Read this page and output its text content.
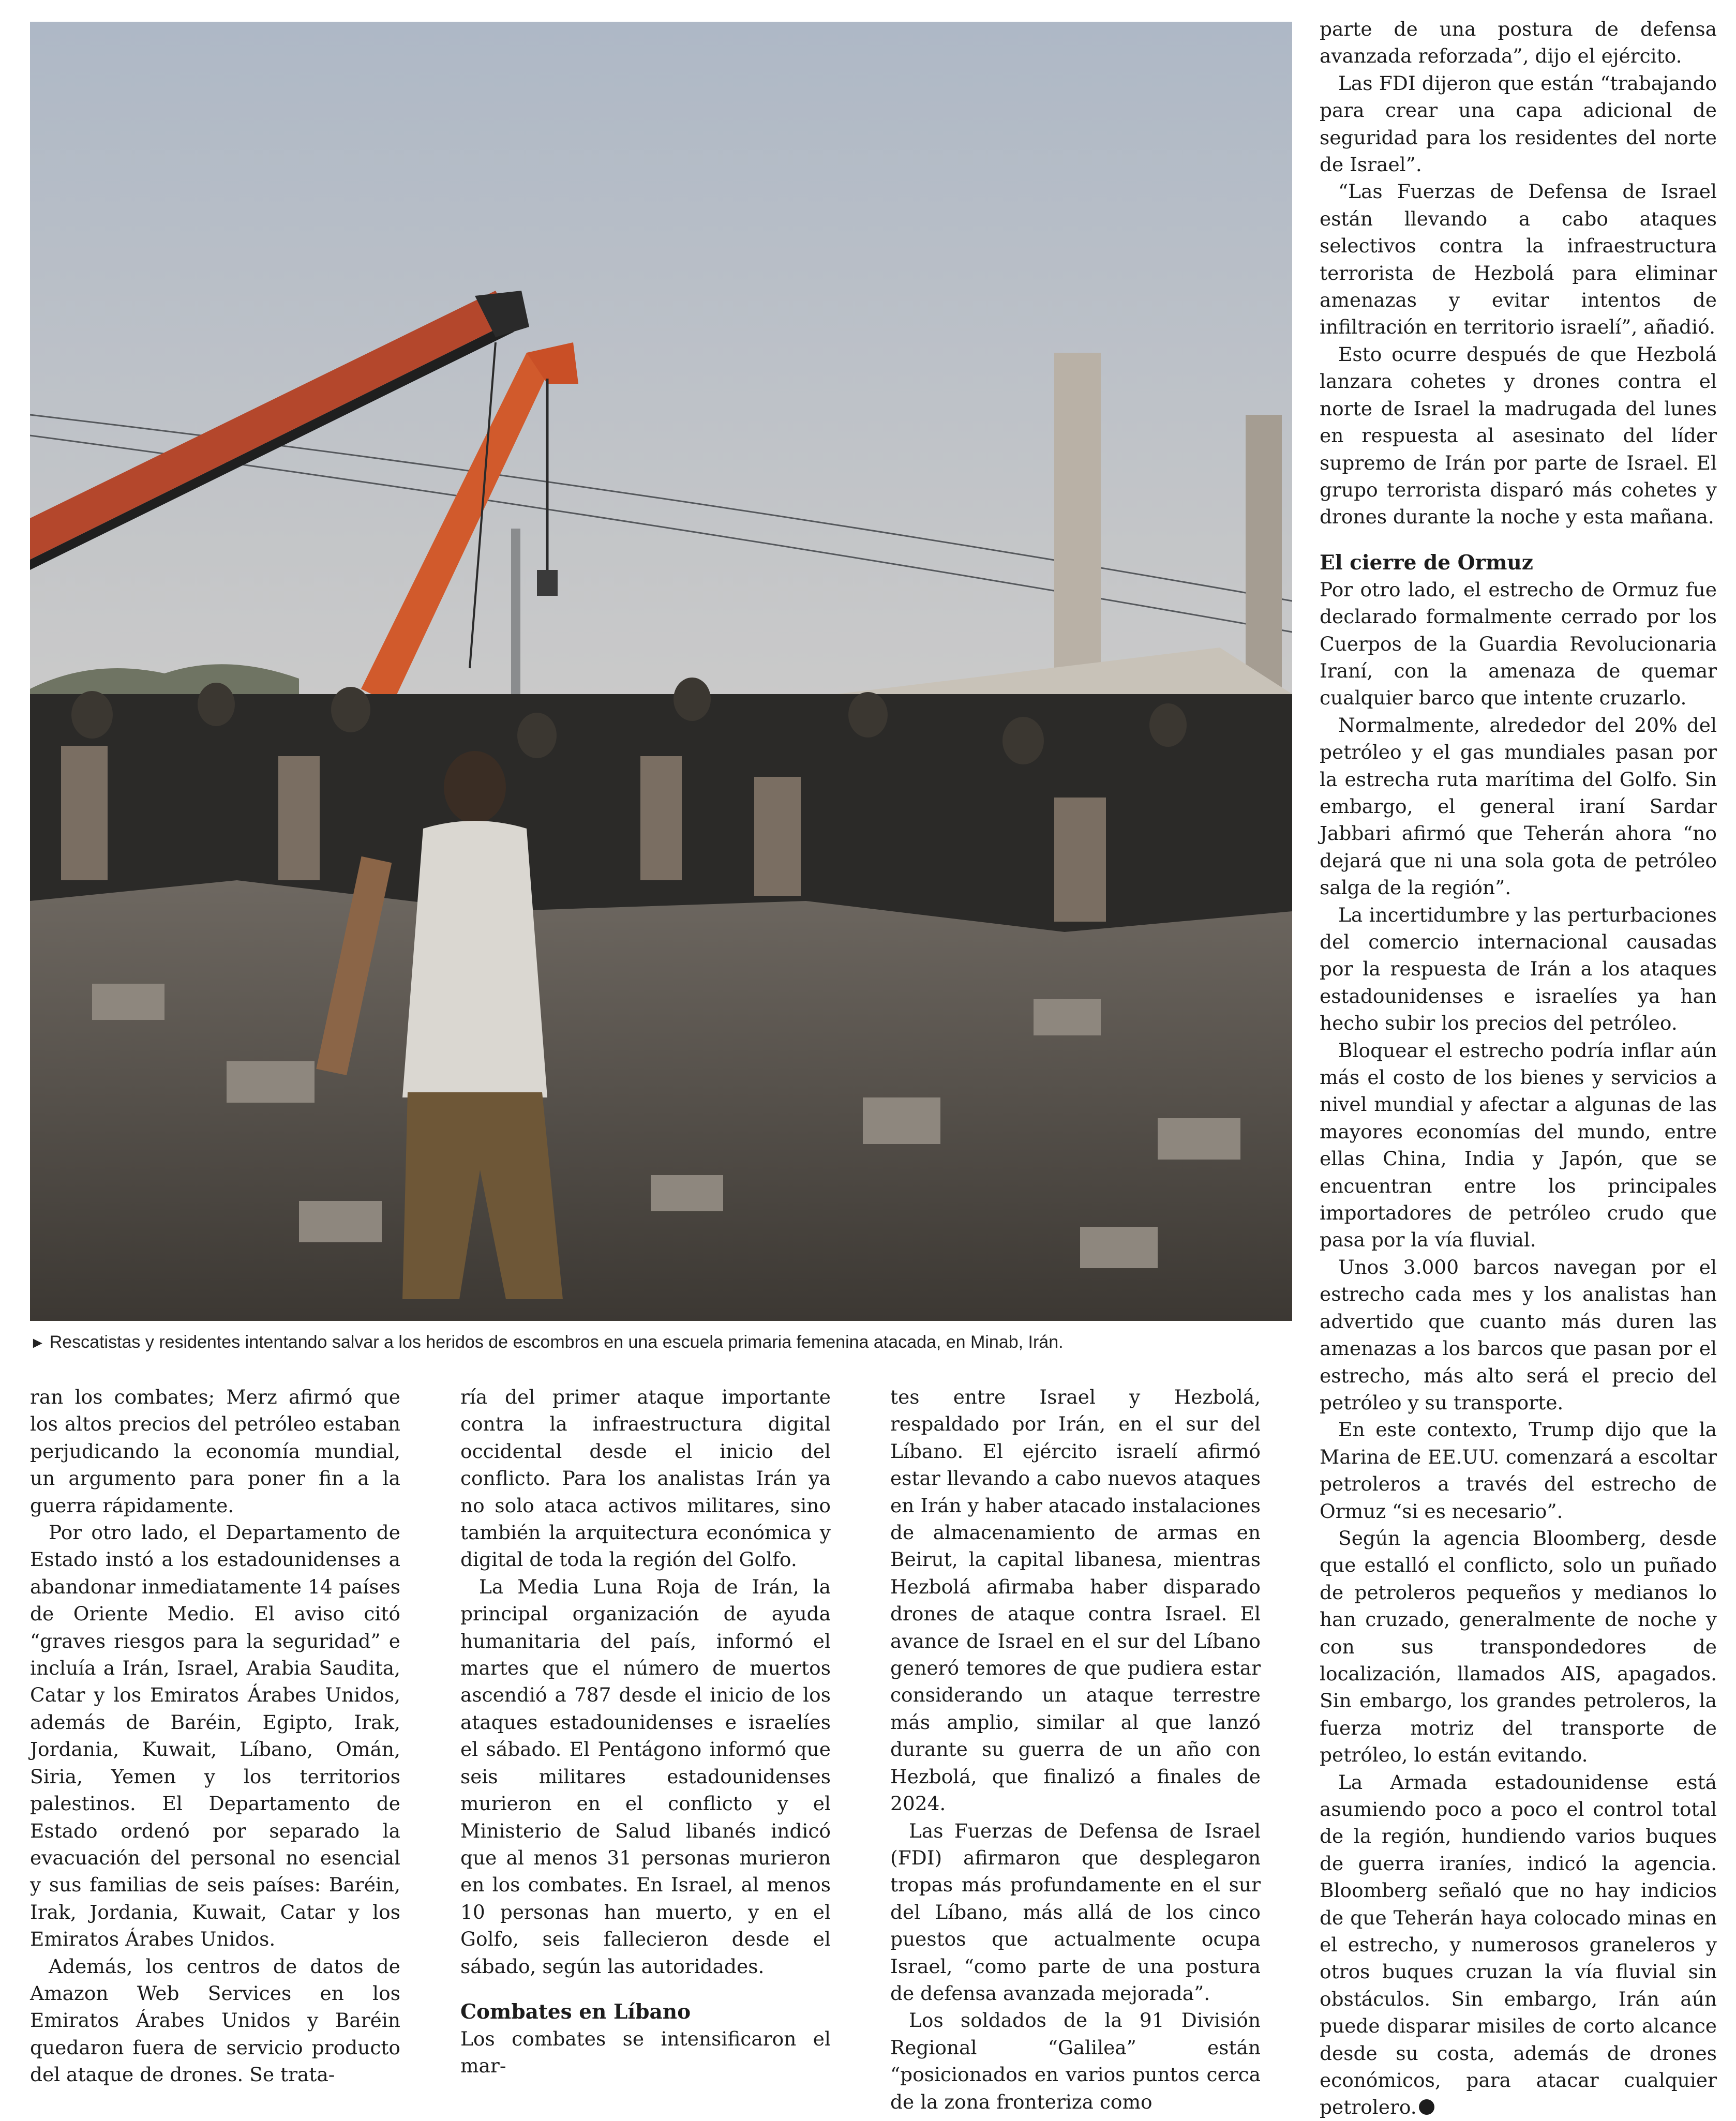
► Rescatistas y residentes intentando salvar a los heridos de escombros en una escuela primaria femenina atacada, en Minab, Irán.

ran los combates; Merz afirmó que los altos precios del petróleo estaban perjudicando la economía mundial, un argumento para poner fin a la guerra rápidamente.

Por otro lado, el Departamento de Estado instó a los estadounidenses a abandonar inmediatamente 14 países de Oriente Medio. El aviso citó “graves riesgos para la seguridad” e incluía a Irán, Israel, Arabia Saudita, Catar y los Emiratos Árabes Unidos, además de Baréin, Egipto, Irak, Jordania, Kuwait, Líbano, Omán, Siria, Yemen y los territorios palestinos. El Departamento de Estado ordenó por separado la evacuación del personal no esencial y sus familias de seis países: Baréin, Irak, Jordania, Kuwait, Catar y los Emiratos Árabes Unidos.

Además, los centros de datos de Amazon Web Services en los Emiratos Árabes Unidos y Baréin quedaron fuera de servicio producto del ataque de drones. Se trata-

ría del primer ataque importante contra la infraestructura digital occidental desde el inicio del conflicto. Para los analistas Irán ya no solo ataca activos militares, sino también la arquitectura económica y digital de toda la región del Golfo.

La Media Luna Roja de Irán, la principal organización de ayuda humanitaria del país, informó el martes que el número de muertos ascendió a 787 desde el inicio de los ataques estadounidenses e israelíes el sábado. El Pentágono informó que seis militares estadounidenses murieron en el conflicto y el Ministerio de Salud libanés indicó que al menos 31 personas murieron en los combates. En Israel, al menos 10 personas han muerto, y en el Golfo, seis fallecieron desde el sábado, según las autoridades.

Combates en Líbano

Los combates se intensificaron el mar-

tes entre Israel y Hezbolá, respaldado por Irán, en el sur del Líbano. El ejército israelí afirmó estar llevando a cabo nuevos ataques en Irán y haber atacado instalaciones de almacenamiento de armas en Beirut, la capital libanesa, mientras Hezbolá afirmaba haber disparado drones de ataque contra Israel. El avance de Israel en el sur del Líbano generó temores de que pudiera estar considerando un ataque terrestre más amplio, similar al que lanzó durante su guerra de un año con Hezbolá, que finalizó a finales de 2024.

Las Fuerzas de Defensa de Israel (FDI) afirmaron que desplegaron tropas más profundamente en el sur del Líbano, más allá de los cinco puestos que actualmente ocupa Israel, “como parte de una postura de defensa avanzada mejorada”.

Los soldados de la 91 División Regional “Galilea” están “posicionados en varios puntos cerca de la zona fronteriza como

parte de una postura de defensa avanzada reforzada”, dijo el ejército.

Las FDI dijeron que están “trabajando para crear una capa adicional de seguridad para los residentes del norte de Israel”.

“Las Fuerzas de Defensa de Israel están llevando a cabo ataques selectivos contra la infraestructura terrorista de Hezbolá para eliminar amenazas y evitar intentos de infiltración en territorio israelí”, añadió.

Esto ocurre después de que Hezbolá lanzara cohetes y drones contra el norte de Israel la madrugada del lunes en respuesta al asesinato del líder supremo de Irán por parte de Israel. El grupo terrorista disparó más cohetes y drones durante la noche y esta mañana.

El cierre de Ormuz

Por otro lado, el estrecho de Ormuz fue declarado formalmente cerrado por los Cuerpos de la Guardia Revolucionaria Iraní, con la amenaza de quemar cualquier barco que intente cruzarlo.

Normalmente, alrededor del 20% del petróleo y el gas mundiales pasan por la estrecha ruta marítima del Golfo. Sin embargo, el general iraní Sardar Jabbari afirmó que Teherán ahora “no dejará que ni una sola gota de petróleo salga de la región”.

La incertidumbre y las perturbaciones del comercio internacional causadas por la respuesta de Irán a los ataques estadounidenses e israelíes ya han hecho subir los precios del petróleo.

Bloquear el estrecho podría inflar aún más el costo de los bienes y servicios a nivel mundial y afectar a algunas de las mayores economías del mundo, entre ellas China, India y Japón, que se encuentran entre los principales importadores de petróleo crudo que pasa por la vía fluvial.

Unos 3.000 barcos navegan por el estrecho cada mes y los analistas han advertido que cuanto más duren las amenazas a los barcos que pasan por el estrecho, más alto será el precio del petróleo y su transporte.

En este contexto, Trump dijo que la Marina de EE.UU. comenzará a escoltar petroleros a través del estrecho de Ormuz “si es necesario”.

Según la agencia Bloomberg, desde que estalló el conflicto, solo un puñado de petroleros pequeños y medianos lo han cruzado, generalmente de noche y con sus transpondedores de localización, llamados AIS, apagados. Sin embargo, los grandes petroleros, la fuerza motriz del transporte de petróleo, lo están evitando.

La Armada estadounidense está asumiendo poco a poco el control total de la región, hundiendo varios buques de guerra iraníes, indicó la agencia. Bloomberg señaló que no hay indicios de que Teherán haya colocado minas en el estrecho, y numerosos graneleros y otros buques cruzan la vía fluvial sin obstáculos. Sin embargo, Irán aún puede disparar misiles de corto alcance desde su costa, además de drones económicos, para atacar cualquier petrolero.
